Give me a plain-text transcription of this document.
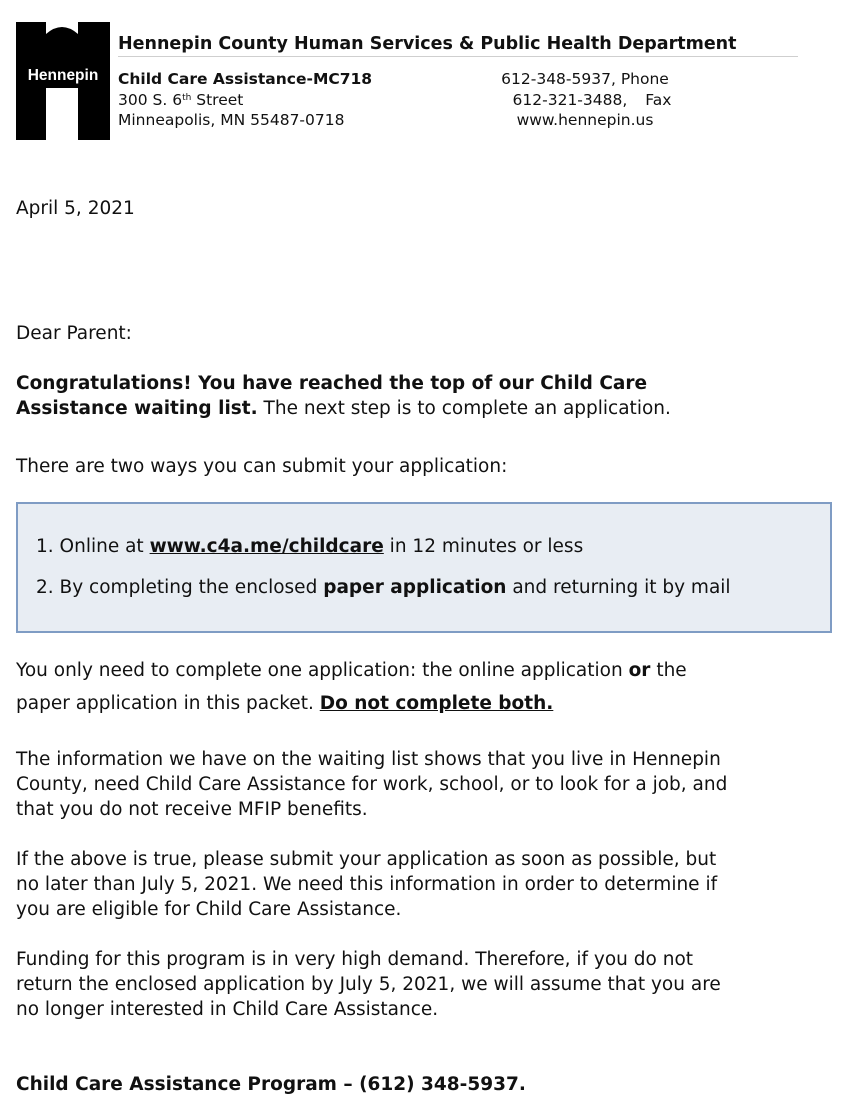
Hennepin
Hennepin County Human Services & Public Health Department
Child Care Assistance-MC718
300 S. 6th Street
Minneapolis, MN 55487-0718
612-348-5937, Phone
612-321-3488, Fax
www.hennepin.us
April 5, 2021
Dear Parent:
Congratulations! You have reached the top of our Child Care
Assistance waiting list. The next step is to complete an application.
There are two ways you can submit your application:
1. Online at www.c4a.me/childcare in 12 minutes or less
2. By completing the enclosed paper application and returning it by mail
You only need to complete one application: the online application or the
paper application in this packet. Do not complete both.
The information we have on the waiting list shows that you live in Hennepin
County, need Child Care Assistance for work, school, or to look for a job, and
that you do not receive MFIP benefits.
If the above is true, please submit your application as soon as possible, but
no later than July 5, 2021. We need this information in order to determine if
you are eligible for Child Care Assistance.
Funding for this program is in very high demand. Therefore, if you do not
return the enclosed application by July 5, 2021, we will assume that you are
no longer interested in Child Care Assistance.
Child Care Assistance Program – (612) 348-5937.
